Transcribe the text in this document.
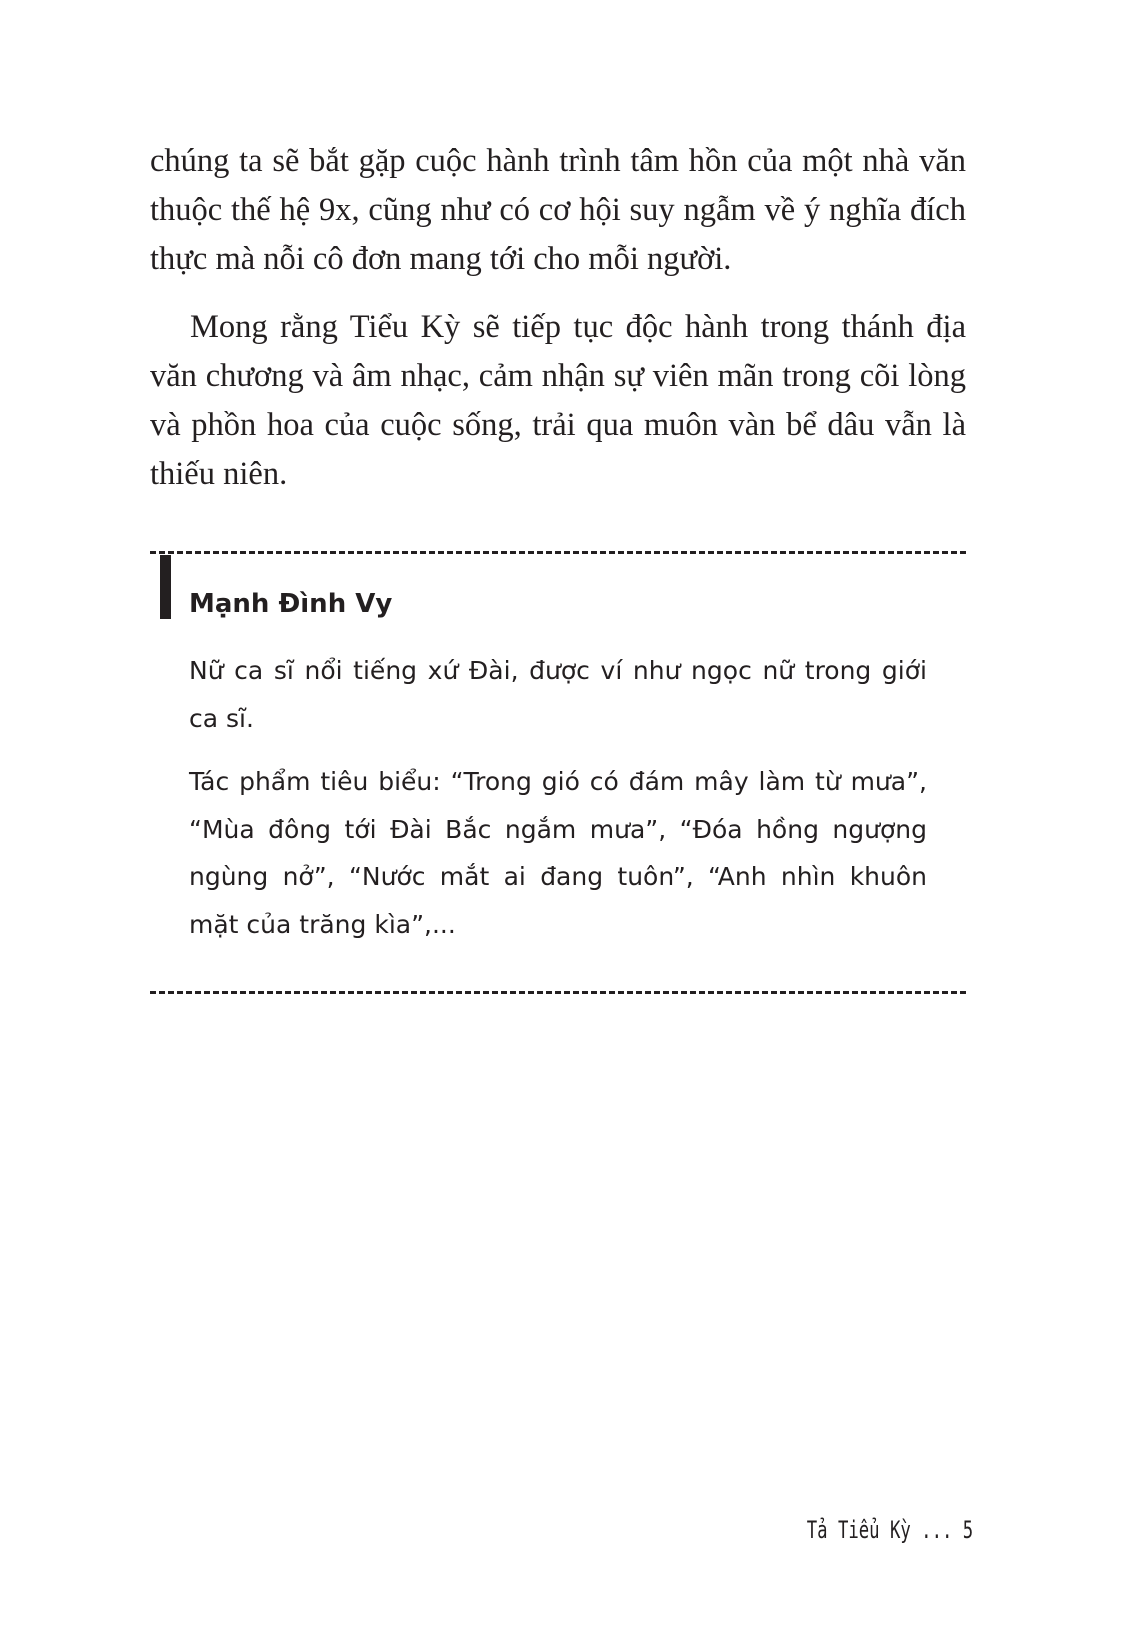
chúng ta sẽ bắt gặp cuộc hành trình tâm hồn của một nhà văn thuộc thế hệ 9x, cũng như có cơ hội suy ngẫm về ý nghĩa đích thực mà nỗi cô đơn mang tới cho mỗi người.

Mong rằng Tiểu Kỳ sẽ tiếp tục độc hành trong thánh địa văn chương và âm nhạc, cảm nhận sự viên mãn trong cõi lòng và phồn hoa của cuộc sống, trải qua muôn vàn bể dâu vẫn là thiếu niên.

Mạnh Đình Vy

Nữ ca sĩ nổi tiếng xứ Đài, được ví như ngọc nữ trong giới ca sĩ.

Tác phẩm tiêu biểu: “Trong gió có đám mây làm từ mưa”, “Mùa đông tới Đài Bắc ngắm mưa”, “Đóa hồng ngượng ngùng nở”, “Nước mắt ai đang tuôn”, “Anh nhìn khuôn mặt của trăng kìa”,...

Tả Tiểu Kỳ ... 5
